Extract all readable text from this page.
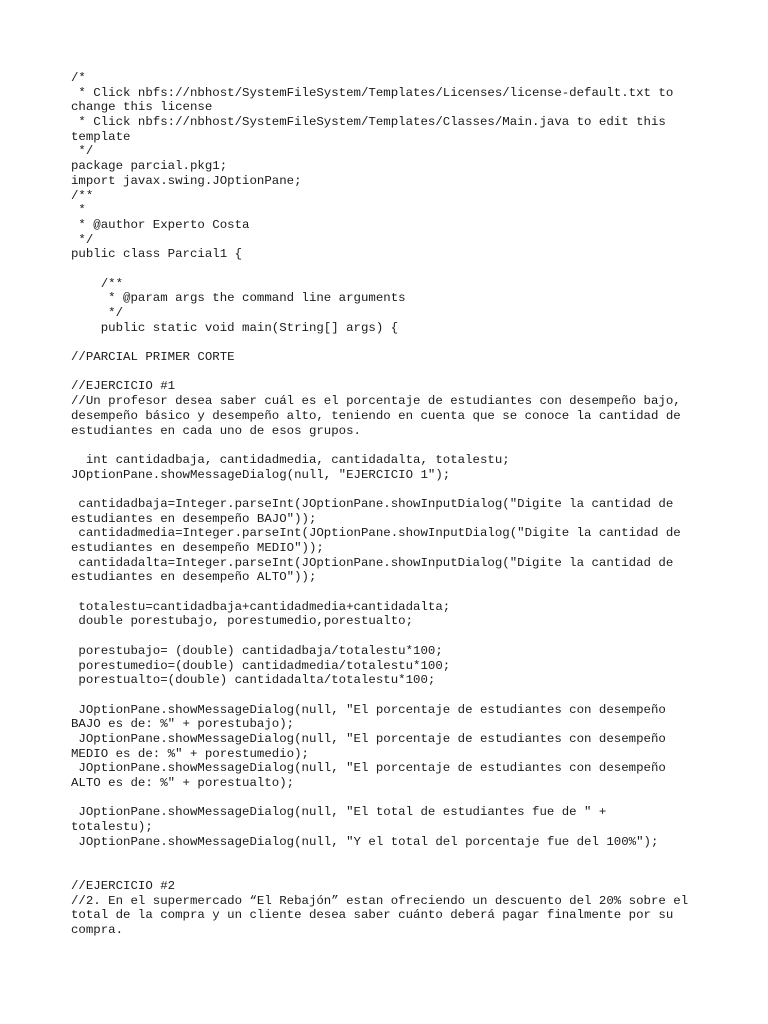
/*
* Click nbfs://nbhost/SystemFileSystem/Templates/Licenses/license-default.txt to
change this license
* Click nbfs://nbhost/SystemFileSystem/Templates/Classes/Main.java to edit this
template
*/
package parcial.pkg1;
import javax.swing.JOptionPane;
/**
*
* @author Experto Costa
*/
public class Parcial1 {
/**
* @param args the command line arguments
*/
public static void main(String[] args) {
//PARCIAL PRIMER CORTE
//EJERCICIO #1
//Un profesor desea saber cuál es el porcentaje de estudiantes con desempeño bajo,
desempeño básico y desempeño alto, teniendo en cuenta que se conoce la cantidad de
estudiantes en cada uno de esos grupos.
int cantidadbaja, cantidadmedia, cantidadalta, totalestu;
JOptionPane.showMessageDialog(null, "EJERCICIO 1");
cantidadbaja=Integer.parseInt(JOptionPane.showInputDialog("Digite la cantidad de
estudiantes en desempeño BAJO"));
cantidadmedia=Integer.parseInt(JOptionPane.showInputDialog("Digite la cantidad de
estudiantes en desempeño MEDIO"));
cantidadalta=Integer.parseInt(JOptionPane.showInputDialog("Digite la cantidad de
estudiantes en desempeño ALTO"));
totalestu=cantidadbaja+cantidadmedia+cantidadalta;
double porestubajo, porestumedio,porestualto;
porestubajo= (double) cantidadbaja/totalestu*100;
porestumedio=(double) cantidadmedia/totalestu*100;
porestualto=(double) cantidadalta/totalestu*100;
JOptionPane.showMessageDialog(null, "El porcentaje de estudiantes con desempeño
BAJO es de: %" + porestubajo);
JOptionPane.showMessageDialog(null, "El porcentaje de estudiantes con desempeño
MEDIO es de: %" + porestumedio);
JOptionPane.showMessageDialog(null, "El porcentaje de estudiantes con desempeño
ALTO es de: %" + porestualto);
JOptionPane.showMessageDialog(null, "El total de estudiantes fue de " +
totalestu);
JOptionPane.showMessageDialog(null, "Y el total del porcentaje fue del 100%");
//EJERCICIO #2
//2. En el supermercado “El Rebajón” estan ofreciendo un descuento del 20% sobre el
total de la compra y un cliente desea saber cuánto deberá pagar finalmente por su
compra.
